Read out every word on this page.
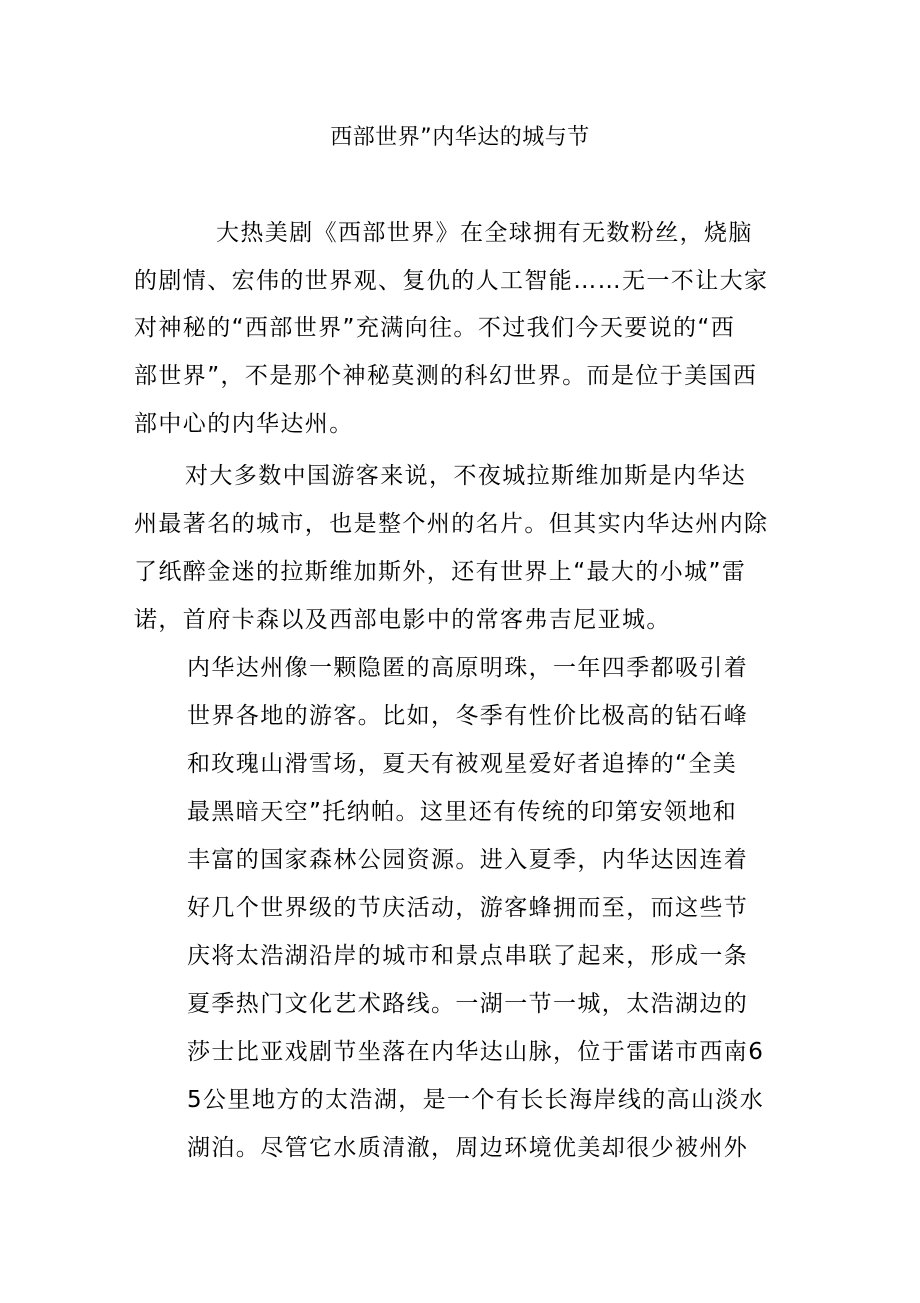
西部世界”内华达的城与节
大热美剧《西部世界》在全球拥有无数粉丝，烧脑
的剧情、宏伟的世界观、复仇的人工智能……无一不让大家
对神秘的“西部世界”充满向往。不过我们今天要说的“西
部世界”，不是那个神秘莫测的科幻世界。而是位于美国西
部中心的内华达州。
对大多数中国游客来说，不夜城拉斯维加斯是内华达
州最著名的城市，也是整个州的名片。但其实内华达州内除
了纸醉金迷的拉斯维加斯外，还有世界上“最大的小城”雷
诺，首府卡森以及西部电影中的常客弗吉尼亚城。
内华达州像一颗隐匿的高原明珠，一年四季都吸引着
世界各地的游客。比如，冬季有性价比极高的钻石峰
和玫瑰山滑雪场，夏天有被观星爱好者追捧的“全美
最黑暗天空”托纳帕。这里还有传统的印第安领地和
丰富的国家森林公园资源。进入夏季，内华达因连着
好几个世界级的节庆活动，游客蜂拥而至，而这些节
庆将太浩湖沿岸的城市和景点串联了起来，形成一条
夏季热门文化艺术路线。一湖一节一城，太浩湖边的
莎士比亚戏剧节坐落在内华达山脉，位于雷诺市西南6
5公里地方的太浩湖，是一个有长长海岸线的高山淡水
湖泊。尽管它水质清澈，周边环境优美却很少被州外
